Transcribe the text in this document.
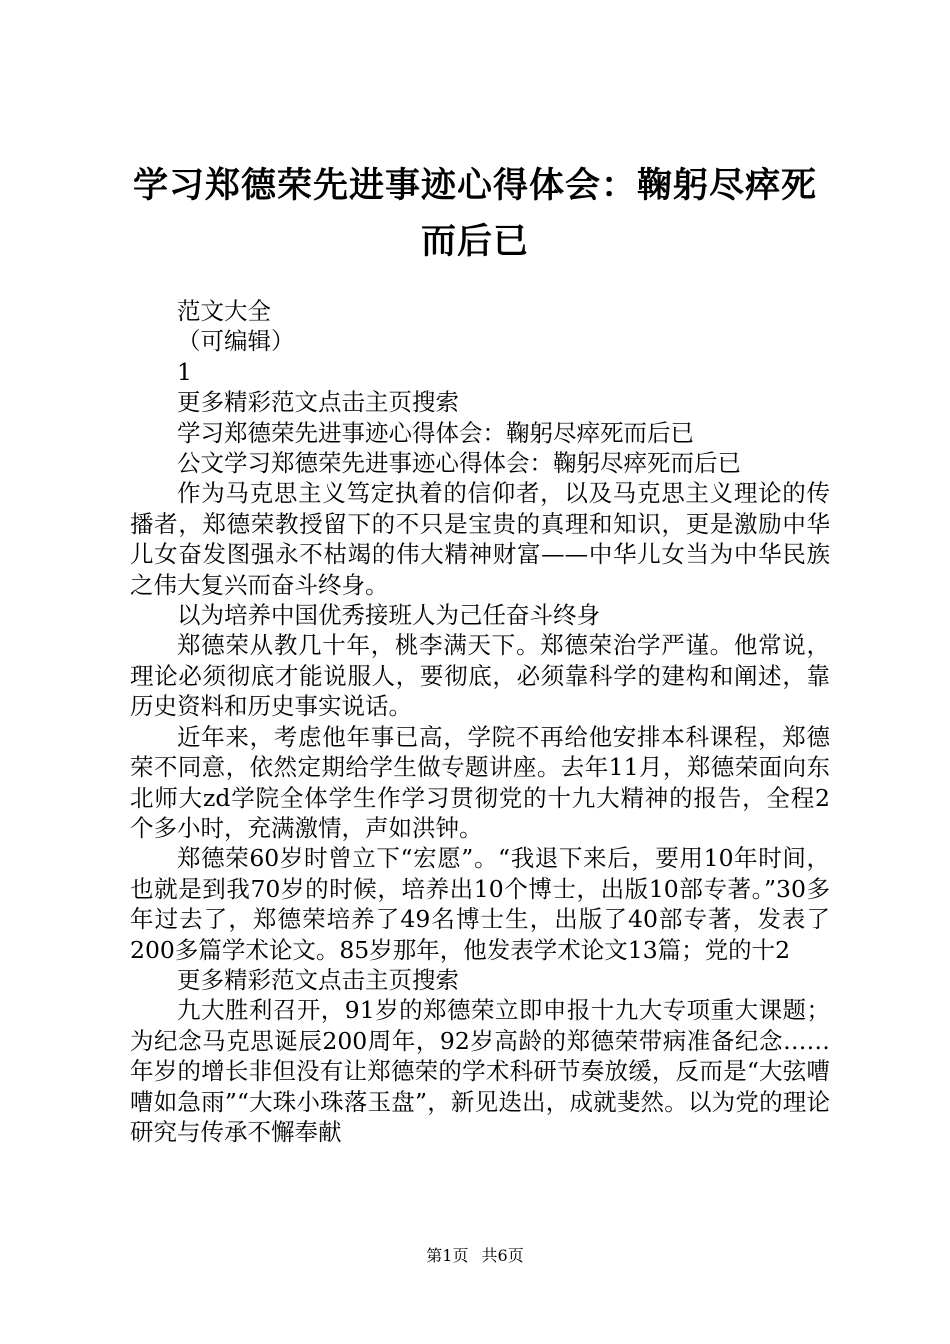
学习郑德荣先进事迹心得体会：鞠躬尽瘁死而后已

范文大全

（可编辑）

1

更多精彩范文点击主页搜索

学习郑德荣先进事迹心得体会：鞠躬尽瘁死而后已

公文学习郑德荣先进事迹心得体会：鞠躬尽瘁死而后已

作为马克思主义笃定执着的信仰者，以及马克思主义理论的传播者，郑德荣教授留下的不只是宝贵的真理和知识，更是激励中华儿女奋发图强永不枯竭的伟大精神财富——中华儿女当为中华民族之伟大复兴而奋斗终身。

以为培养中国优秀接班人为己任奋斗终身

郑德荣从教几十年，桃李满天下。郑德荣治学严谨。他常说，理论必须彻底才能说服人，要彻底，必须靠科学的建构和阐述，靠历史资料和历史事实说话。

近年来，考虑他年事已高，学院不再给他安排本科课程，郑德荣不同意，依然定期给学生做专题讲座。去年11月，郑德荣面向东北师大zd学院全体学生作学习贯彻党的十九大精神的报告，全程2个多小时，充满激情，声如洪钟。

郑德荣60岁时曾立下“宏愿”。“我退下来后，要用10年时间，也就是到我70岁的时候，培养出10个博士，出版10部专著。”30多年过去了，郑德荣培养了49名博士生，出版了40部专著，发表了200多篇学术论文。85岁那年，他发表学术论文13篇；党的十2

更多精彩范文点击主页搜索

九大胜利召开，91岁的郑德荣立即申报十九大专项重大课题；为纪念马克思诞辰200周年，92岁高龄的郑德荣带病准备纪念……年岁的增长非但没有让郑德荣的学术科研节奏放缓，反而是“大弦嘈嘈如急雨”“大珠小珠落玉盘”，新见迭出，成就斐然。以为党的理论研究与传承不懈奉献

第1页 共6页
